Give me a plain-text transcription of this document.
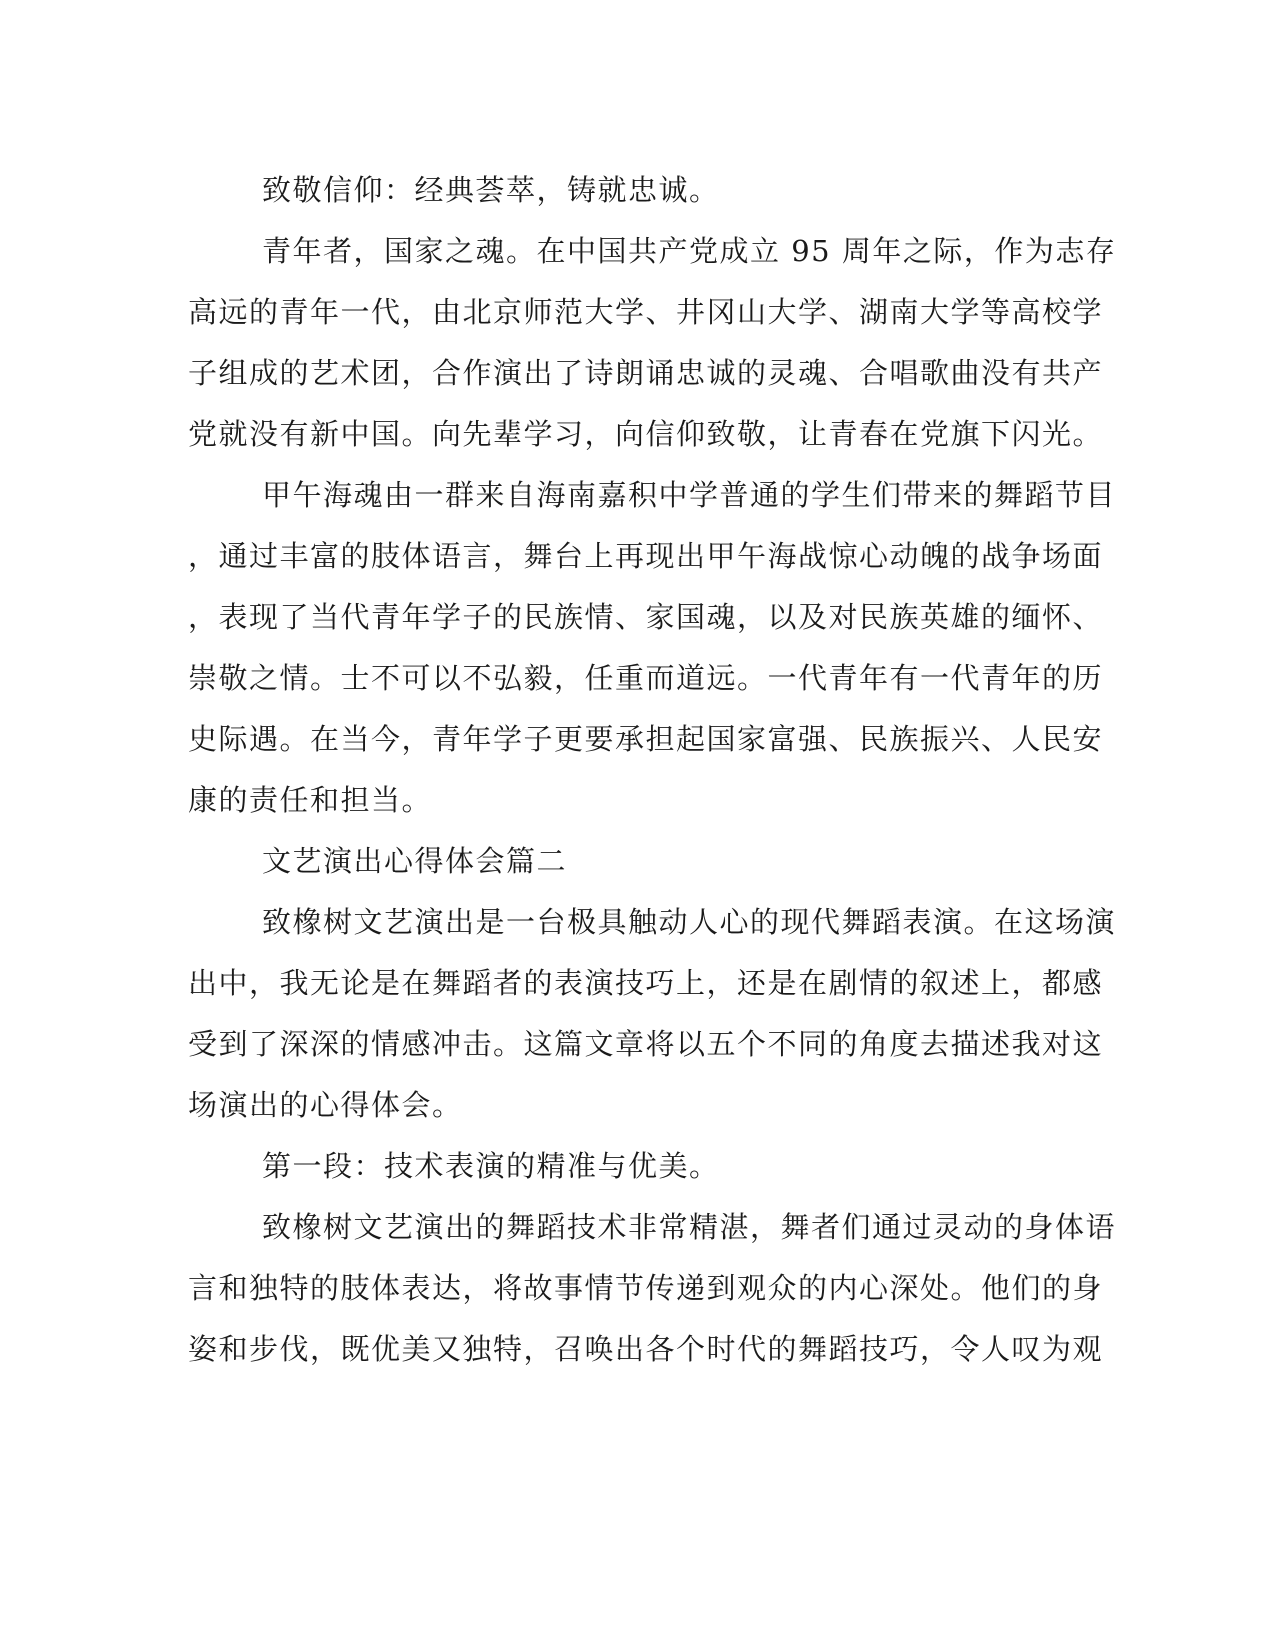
致敬信仰：经典荟萃，铸就忠诚。
青年者，国家之魂。在中国共产党成立 95 周年之际，作为志存
高远的青年一代，由北京师范大学、井冈山大学、湖南大学等高校学
子组成的艺术团，合作演出了诗朗诵忠诚的灵魂、合唱歌曲没有共产
党就没有新中国。向先辈学习，向信仰致敬，让青春在党旗下闪光。
甲午海魂由一群来自海南嘉积中学普通的学生们带来的舞蹈节目
，通过丰富的肢体语言，舞台上再现出甲午海战惊心动魄的战争场面
，表现了当代青年学子的民族情、家国魂，以及对民族英雄的缅怀、
崇敬之情。士不可以不弘毅，任重而道远。一代青年有一代青年的历
史际遇。在当今，青年学子更要承担起国家富强、民族振兴、人民安
康的责任和担当。
文艺演出心得体会篇二
致橡树文艺演出是一台极具触动人心的现代舞蹈表演。在这场演
出中，我无论是在舞蹈者的表演技巧上，还是在剧情的叙述上，都感
受到了深深的情感冲击。这篇文章将以五个不同的角度去描述我对这
场演出的心得体会。
第一段：技术表演的精准与优美。
致橡树文艺演出的舞蹈技术非常精湛，舞者们通过灵动的身体语
言和独特的肢体表达，将故事情节传递到观众的内心深处。他们的身
姿和步伐，既优美又独特，召唤出各个时代的舞蹈技巧，令人叹为观
